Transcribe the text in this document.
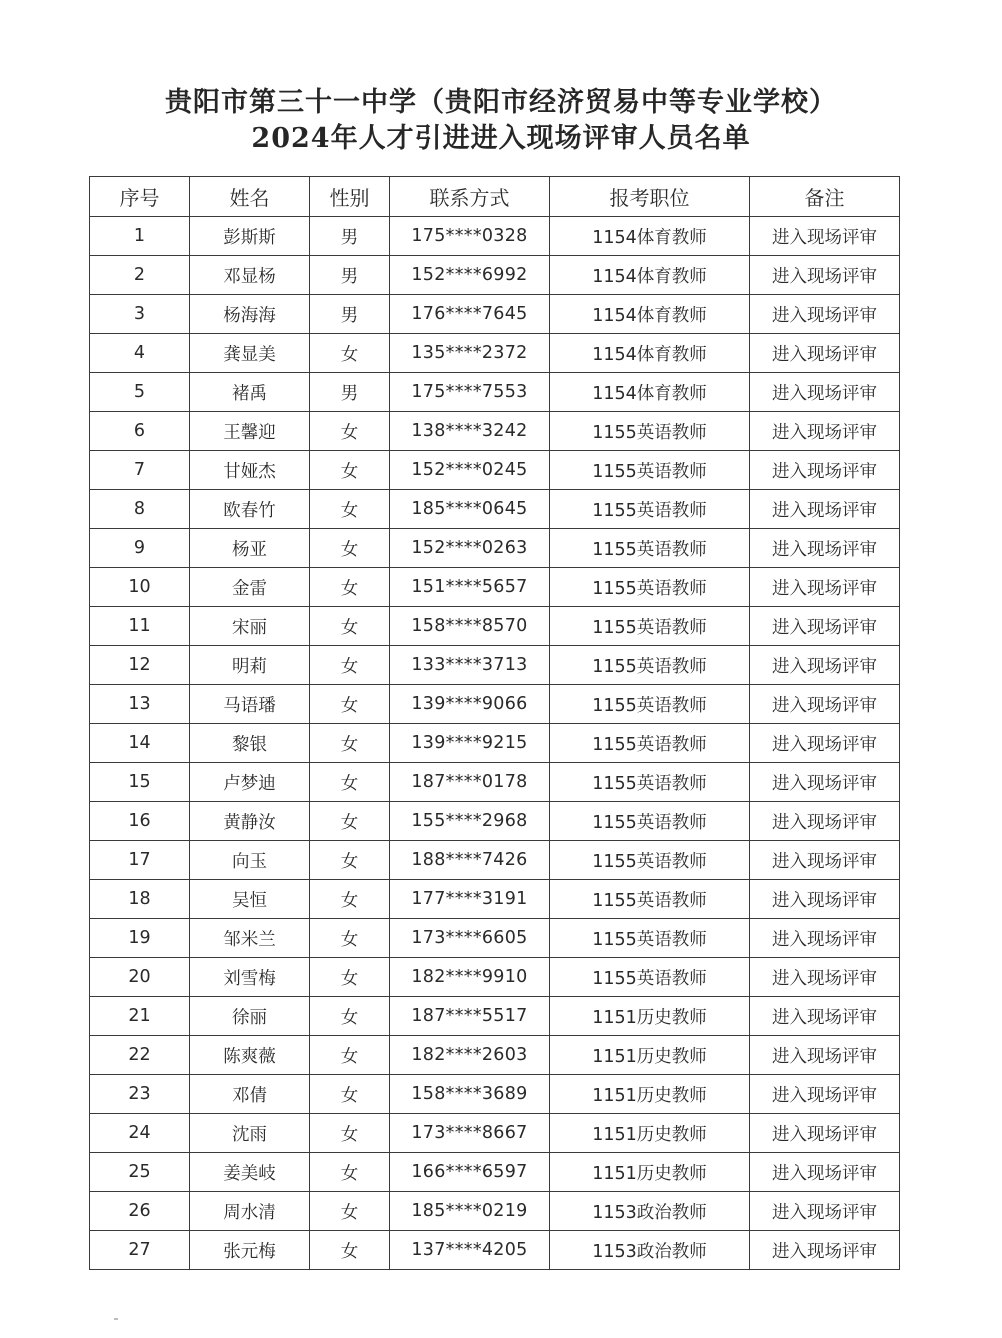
贵阳市第三十一中学（贵阳市经济贸易中等专业学校）
2024年人才引进进入现场评审人员名单
序号	姓名	性别	联系方式	报考职位	备注
1	彭斯斯	男	175****0328	1154体育教师	进入现场评审
2	邓显杨	男	152****6992	1154体育教师	进入现场评审
3	杨海海	男	176****7645	1154体育教师	进入现场评审
4	龚显美	女	135****2372	1154体育教师	进入现场评审
5	褚禹	男	175****7553	1154体育教师	进入现场评审
6	王馨迎	女	138****3242	1155英语教师	进入现场评审
7	甘娅杰	女	152****0245	1155英语教师	进入现场评审
8	欧春竹	女	185****0645	1155英语教师	进入现场评审
9	杨亚	女	152****0263	1155英语教师	进入现场评审
10	金雷	女	151****5657	1155英语教师	进入现场评审
11	宋丽	女	158****8570	1155英语教师	进入现场评审
12	明莉	女	133****3713	1155英语教师	进入现场评审
13	马语璠	女	139****9066	1155英语教师	进入现场评审
14	黎银	女	139****9215	1155英语教师	进入现场评审
15	卢梦迪	女	187****0178	1155英语教师	进入现场评审
16	黄静汝	女	155****2968	1155英语教师	进入现场评审
17	向玉	女	188****7426	1155英语教师	进入现场评审
18	吴恒	女	177****3191	1155英语教师	进入现场评审
19	邹米兰	女	173****6605	1155英语教师	进入现场评审
20	刘雪梅	女	182****9910	1155英语教师	进入现场评审
21	徐丽	女	187****5517	1151历史教师	进入现场评审
22	陈爽薇	女	182****2603	1151历史教师	进入现场评审
23	邓倩	女	158****3689	1151历史教师	进入现场评审
24	沈雨	女	173****8667	1151历史教师	进入现场评审
25	姜美岐	女	166****6597	1151历史教师	进入现场评审
26	周水清	女	185****0219	1153政治教师	进入现场评审
27	张元梅	女	137****4205	1153政治教师	进入现场评审
